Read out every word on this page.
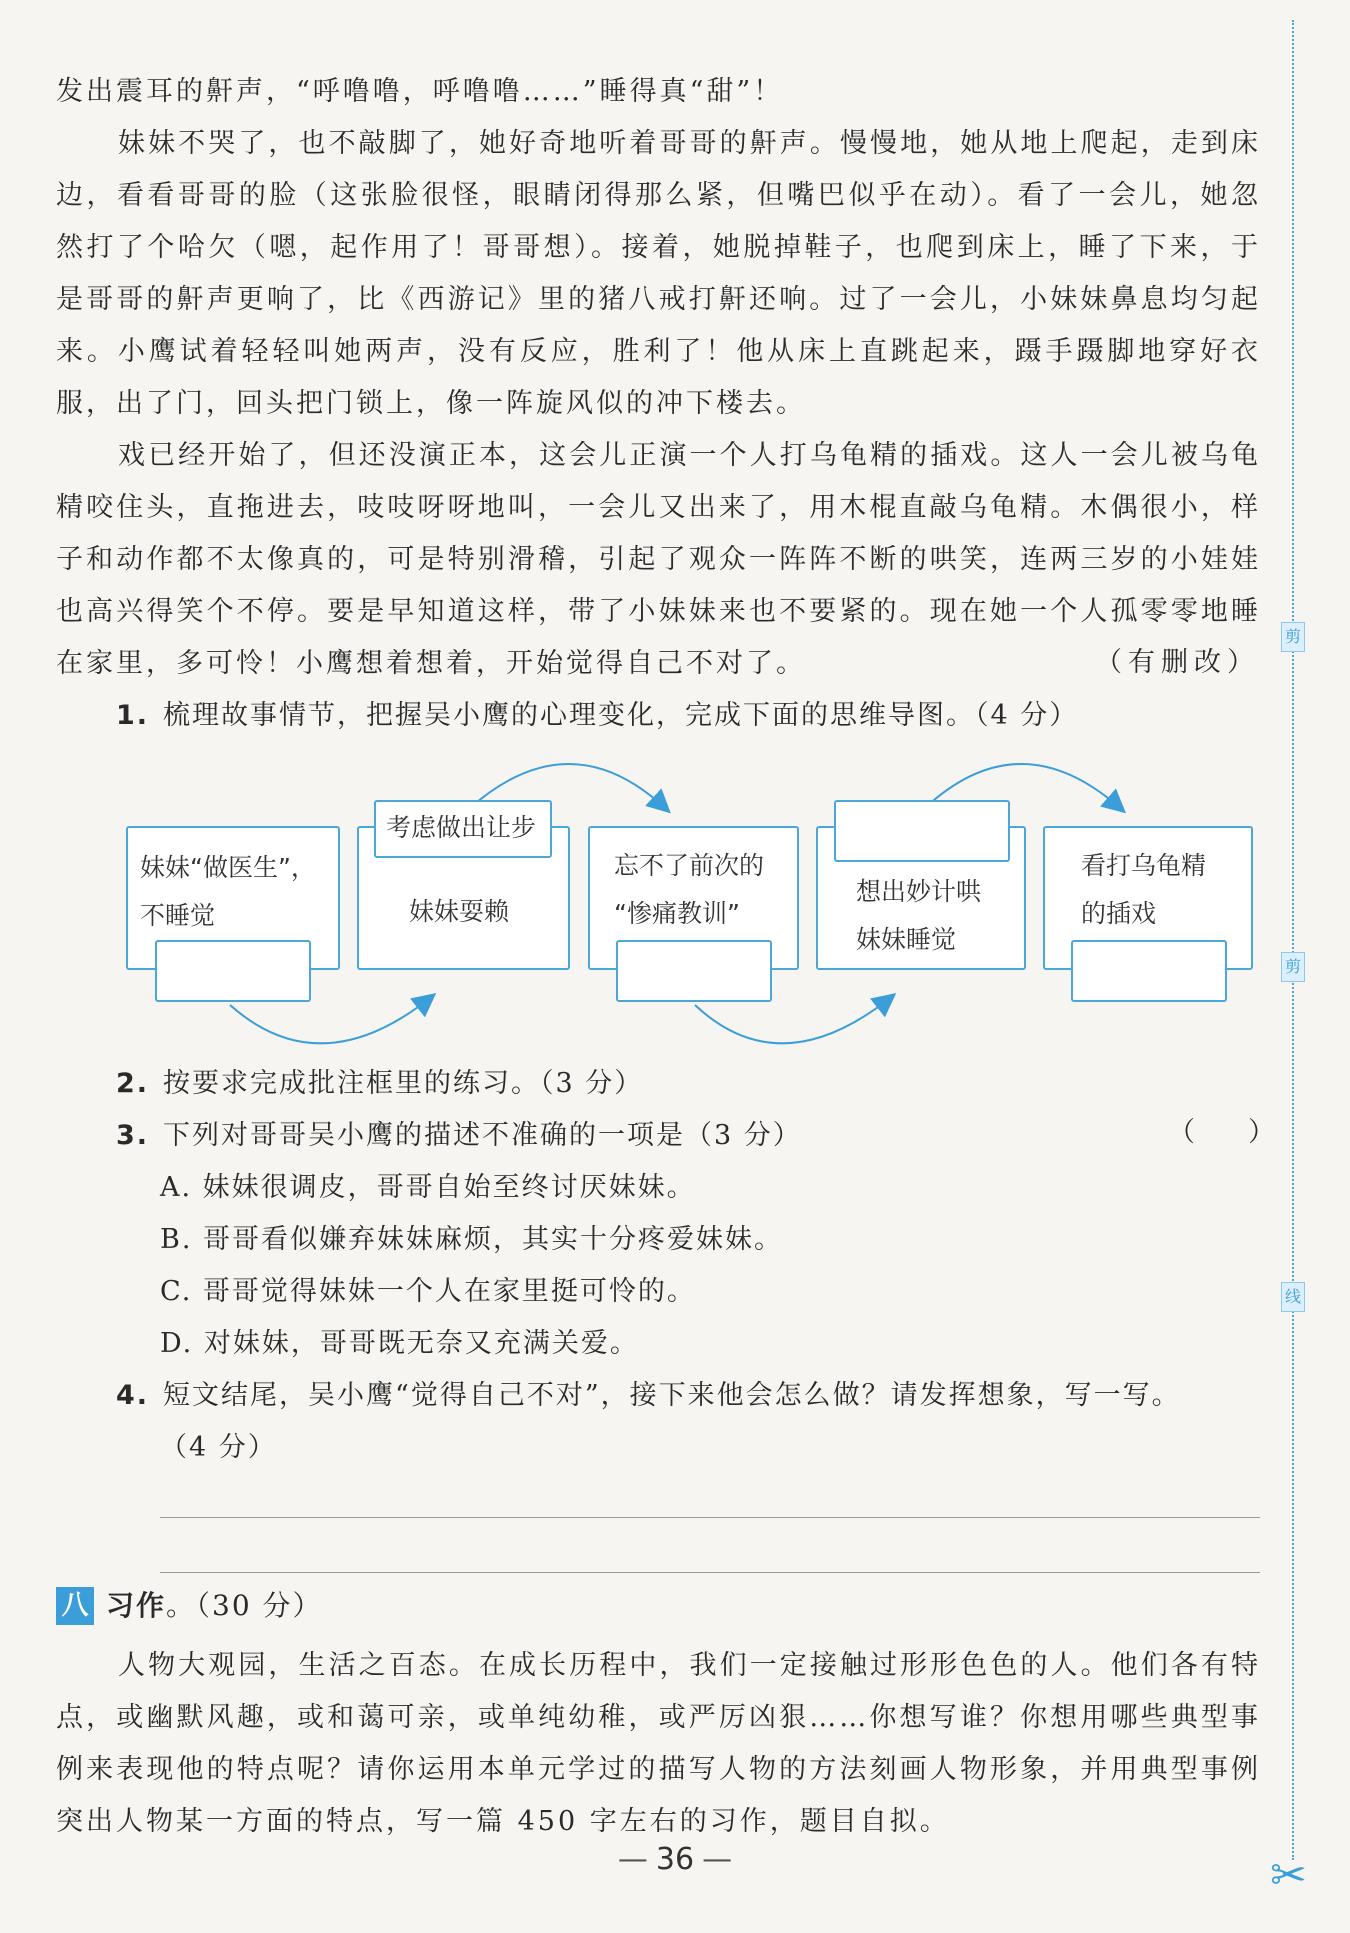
发出震耳的鼾声，“呼噜噜，呼噜噜……”睡得真“甜”！

妹妹不哭了，也不敲脚了，她好奇地听着哥哥的鼾声。慢慢地，她从地上爬起，走到床边，看看哥哥的脸（这张脸很怪，眼睛闭得那么紧，但嘴巴似乎在动）。看了一会儿，她忽然打了个哈欠（嗯，起作用了！哥哥想）。接着，她脱掉鞋子，也爬到床上，睡了下来，于是哥哥的鼾声更响了，比《西游记》里的猪八戒打鼾还响。过了一会儿，小妹妹鼻息均匀起来。小鹰试着轻轻叫她两声，没有反应，胜利了！他从床上直跳起来，蹑手蹑脚地穿好衣服，出了门，回头把门锁上，像一阵旋风似的冲下楼去。

戏已经开始了，但还没演正本，这会儿正演一个人打乌龟精的插戏。这人一会儿被乌龟精咬住头，直拖进去，吱吱呀呀地叫，一会儿又出来了，用木棍直敲乌龟精。木偶很小，样子和动作都不太像真的，可是特别滑稽，引起了观众一阵阵不断的哄笑，连两三岁的小娃娃也高兴得笑个不停。要是早知道这样，带了小妹妹来也不要紧的。现在她一个人孤零零地睡在家里，多可怜！小鹰想着想着，开始觉得自己不对了。	（有删改）
1. 梳理故事情节，把握吴小鹰的心理变化，完成下面的思维导图。（4 分）
妹妹“做医生”，
不睡觉	妹妹耍赖
考虑做出让步
忘不了前次的
“惨痛教训”
想出妙计哄
妹妹睡觉
看打乌龟精
的插戏
2. 按要求完成批注框里的练习。（3 分）
3. 下列对哥哥吴小鹰的描述不准确的一项是（3 分）	（ ）
A. 妹妹很调皮，哥哥自始至终讨厌妹妹。
B. 哥哥看似嫌弃妹妹麻烦，其实十分疼爱妹妹。
C. 哥哥觉得妹妹一个人在家里挺可怜的。
D. 对妹妹，哥哥既无奈又充满关爱。
4. 短文结尾，吴小鹰“觉得自己不对”，接下来他会怎么做？请发挥想象，写一写。
（4 分）
八 习作。（30 分）

人物大观园，生活之百态。在成长历程中，我们一定接触过形形色色的人。他们各有特点，或幽默风趣，或和蔼可亲，或单纯幼稚，或严厉凶狠……你想写谁？你想用哪些典型事例来表现他的特点呢？请你运用本单元学过的描写人物的方法刻画人物形象，并用典型事例突出人物某一方面的特点，写一篇 450 字左右的习作，题目自拟。

— 36 —
剪
剪
线
✂
